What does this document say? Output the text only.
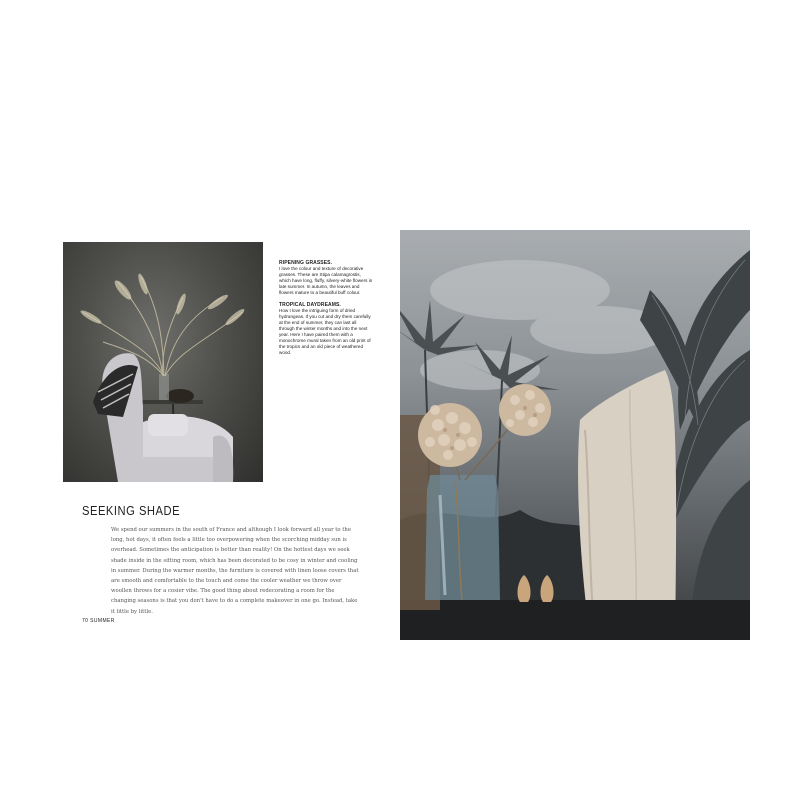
RIPENING GRASSES.

I love the colour and texture of decorative grasses. These are Stipa calamagrostis, which have long, fluffy, silvery-white flowers in late summer. In autumn, the leaves and flowers mature to a beautiful buff colour.

TROPICAL DAYDREAMS.

How I love the intriguing form of dried hydrangeas. If you cut and dry them carefully at the end of summer, they can last all through the winter months and into the next year. Here I have paired them with a monochrome mural taken from an old print of the tropics and an old piece of weathered wood.

SEEKING SHADE
We spend our summers in the south of France and although I look forward all year to the long, hot days, it often feels a little too overpowering when the scorching midday sun is overhead. Sometimes the anticipation is better than reality! On the hottest days we seek shade inside in the sitting room, which has been decorated to be cosy in winter and cooling in summer. During the warmer months, the furniture is covered with linen loose covers that are smooth and comfortable to the touch and come the cooler weather we throw over woollen throws for a cosier vibe. The good thing about redecorating a room for the changing seasons is that you don't have to do a complete makeover in one go. Instead, take it little by little.
70 SUMMER
